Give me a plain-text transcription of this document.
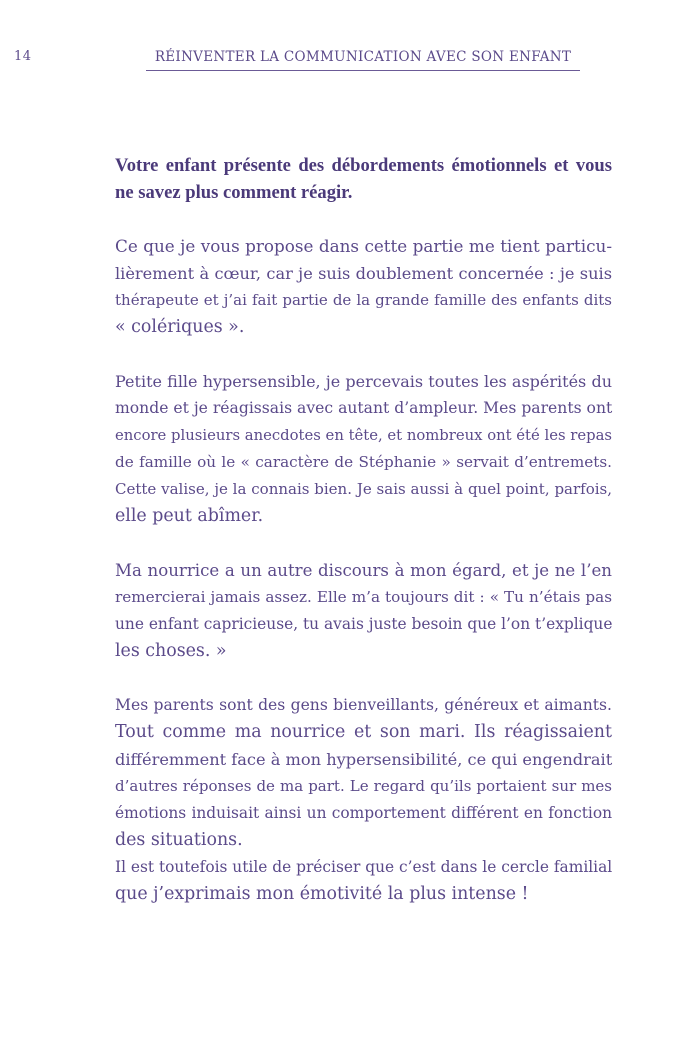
14	RÉINVENTER LA COMMUNICATION AVEC SON ENFANT

Votre enfant présente des débordements émotionnels et vous
ne savez plus comment réagir.

Ce que je vous propose dans cette partie me tient particu-
lièrement à cœur, car je suis doublement concernée : je suis
thérapeute et j’ai fait partie de la grande famille des enfants dits
« colériques ».

Petite fille hypersensible, je percevais toutes les aspérités du
monde et je réagissais avec autant d’ampleur. Mes parents ont
encore plusieurs anecdotes en tête, et nombreux ont été les repas
de famille où le « caractère de Stéphanie » servait d’entremets.
Cette valise, je la connais bien. Je sais aussi à quel point, parfois,
elle peut abîmer.

Ma nourrice a un autre discours à mon égard, et je ne l’en
remercierai jamais assez. Elle m’a toujours dit : « Tu n’étais pas
une enfant capricieuse, tu avais juste besoin que l’on t’explique
les choses. »

Mes parents sont des gens bienveillants, généreux et aimants.
Tout comme ma nourrice et son mari. Ils réagissaient
différemment face à mon hypersensibilité, ce qui engendrait
d’autres réponses de ma part. Le regard qu’ils portaient sur mes
émotions induisait ainsi un comportement différent en fonction
des situations.

Il est toutefois utile de préciser que c’est dans le cercle familial
que j’exprimais mon émotivité la plus intense !
